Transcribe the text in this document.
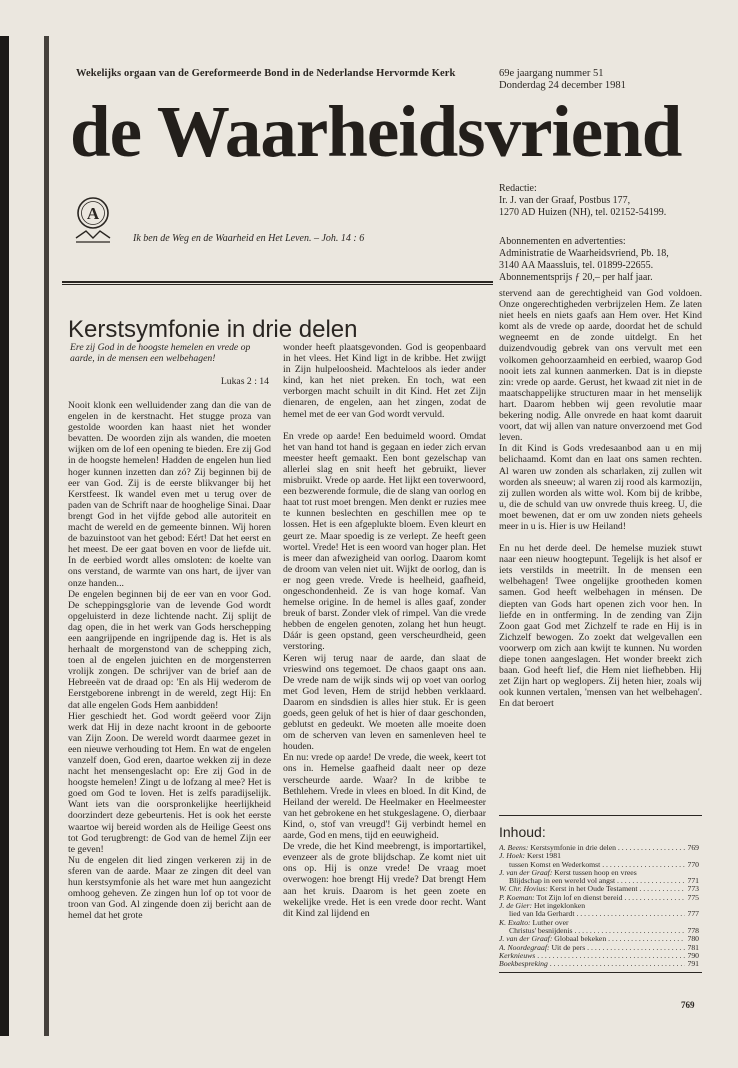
Wekelijks orgaan van de Gereformeerde Bond in de Nederlandse Hervormde Kerk	69e jaargang nummer 51
Donderdag 24 december 1981
de Waarheidsvriend
A
Ik ben de Weg en de Waarheid en Het Leven. – Joh. 14 : 6
Redactie:
Ir. J. van der Graaf, Postbus 177,
1270 AD Huizen (NH), tel. 02152-54199.
Abonnementen en advertenties:
Administratie de Waarheidsvriend, Pb. 18,
3140 AA Maassluis, tel. 01899-22655.
Abonnementsprijs ƒ 20,– per half jaar.
Kerstsymfonie in drie delen
Ere zij God in de hoogste hemelen en vrede op aarde, in de mensen een welbehagen!
Lukas 2 : 14

Nooit klonk een welluidender zang dan die van de engelen in de kerstnacht. Het stugge proza van gestolde woorden kan haast niet het wonder bevatten. De woorden zijn als wanden, die moeten wijken om de lof een opening te bieden. Ere zij God in de hoogste hemelen! Hadden de engelen hun lied hoger kunnen inzetten dan zó? Zij beginnen bij de eer van God. Zij is de eerste blikvanger bij het Kerstfeest. Ik wandel even met u terug over de paden van de Schrift naar de hooghelige Sinai. Daar brengt God in het vijfde gebod alle autoriteit en macht de wereld en de gemeente binnen. Wij horen de bazuinstoot van het gebod: Eért! Dat het eerst en het meest. De eer gaat boven en voor de liefde uit. In de eerbied wordt alles omsloten: de koelte van ons verstand, de warmte van ons hart, de ijver van onze handen...

De engelen beginnen bij de eer van en voor God. De scheppingsglorie van de levende God wordt opgeluisterd in deze lichtende nacht. Zij splijt de dag open, die in het werk van Gods herschepping een aangrijpende en ingrijpende dag is. Het is als herhaalt de morgenstond van de schepping zich, toen al de engelen juichten en de morgensterren vrolijk zongen. De schrijver van de brief aan de Hebreeën vat de draad op: 'En als Hij wederom de Eerstgeborene inbrengt in de wereld, zegt Hij: En dat alle engelen Gods Hem aanbidden!

Hier geschiedt het. God wordt geëerd voor Zijn werk dat Hij in deze nacht kroont in de geboorte van Zijn Zoon. De wereld wordt daarmee gezet in een nieuwe verhouding tot Hem. En wat de engelen vanzelf doen, God eren, daartoe wekken zij in deze nacht het mensengeslacht op: Ere zij God in de hoogste hemelen! Zingt u de lofzang al mee? Het is goed om God te loven. Het is zelfs paradijselijk. Want iets van die oorspronkelijke heerlijkheid doorzindert deze gebeurtenis. Het is ook het eerste waartoe wij bereid worden als de Heilige Geest ons tot God terugbrengt: de God van de hemel Zijn eer te geven!

Nu de engelen dit lied zingen verkeren zij in de sferen van de aarde. Maar ze zingen dit deel van hun kerstsymfonie als het ware met hun aangezicht omhoog geheven. Ze zingen hun lof op tot voor de troon van God. Al zingende doen zij bericht aan de hemel dat het grote

wonder heeft plaatsgevonden. God is geopenbaard in het vlees. Het Kind ligt in de kribbe. Het zwijgt in Zijn hulpeloosheid. Machteloos als ieder ander kind, kan het niet preken. En toch, wat een verborgen macht schuilt in dit Kind. Het zet Zijn dienaren, de engelen, aan het zingen, zodat de hemel met de eer van God wordt vervuld.

En vrede op aarde! Een beduimeld woord. Omdat het van hand tot hand is gegaan en ieder zich ervan meester heeft gemaakt. Een bont gezelschap van allerlei slag en snit heeft het gebruikt, liever misbruikt. Vrede op aarde. Het lijkt een toverwoord, een bezwerende formule, die de slang van oorlog en haat tot rust moet brengen. Men denkt er ruzies mee te kunnen beslechten en geschillen mee op te lossen. Het is een afgeplukte bloem. Even kleurt en geurt ze. Maar spoedig is ze verlept. Ze heeft geen wortel. Vrede! Het is een woord van hoger plan. Het is meer dan afwezigheid van oorlog. Daarom komt de droom van velen niet uit. Wijkt de oorlog, dan is er nog geen vrede. Vrede is heelheid, gaafheid, ongeschondenheid. Ze is van hoge komaf. Van hemelse origine. In de hemel is alles gaaf, zonder breuk of barst. Zonder vlek of rimpel. Van die vrede hebben de engelen genoten, zolang het hun heugt. Dáár is geen opstand, geen verscheurdheid, geen verstoring.

Keren wij terug naar de aarde, dan slaat de vrieswind ons tegemoet. De chaos gaapt ons aan. De vrede nam de wijk sinds wij op voet van oorlog met God leven, Hem de strijd hebben verklaard. Daarom en sindsdien is alles hier stuk. Er is geen goeds, geen geluk of het is hier of daar geschonden, geblutst en gedeukt. We moeten alle moeite doen om de scherven van leven en samenleven heel te houden.

En nu: vrede op aarde! De vrede, die week, keert tot ons in. Hemelse gaafheid daalt neer op deze verscheurde aarde. Waar? In de kribbe te Bethlehem. Vrede in vlees en bloed. In dit Kind, de Heiland der wereld. De Heelmaker en Heelmeester van het gebrokene en het stukgeslagene. O, dierbaar Kind, o, stof van vreugd'! Gij verbindt hemel en aarde, God en mens, tijd en eeuwigheid.

De vrede, die het Kind meebrengt, is importartikel, evenzeer als de grote blijdschap. Ze komt niet uit ons op. Hij is onze vrede! De vraag moet overwogen: hoe brengt Hij vrede? Dat brengt Hem aan het kruis. Daarom is het geen zoete en wekelijke vrede. Het is een vrede door recht. Want dit Kind zal lijdend en

stervend aan de gerechtigheid van God voldoen. Onze ongerechtigheden verbrijzelen Hem. Ze laten niet heels en niets gaafs aan Hem over. Het Kind komt als de vrede op aarde, doordat het de schuld wegneemt en de zonde uitdelgt. En het duizendvoudig gebrek van ons vervult met een volkomen gehoorzaamheid en eerbied, waarop God nooit iets zal kunnen aanmerken. Dat is in diepste zin: vrede op aarde. Gerust, het kwaad zit niet in de maatschappelijke structuren maar in het menselijk hart. Daarom hebben wij geen revolutie maar bekering nodig. Alle onvrede en haat komt daaruit voort, dat wij allen van nature onverzoend met God leven.

In dit Kind is Gods vredesaanbod aan u en mij belichaamd. Komt dan en laat ons samen rechten. Al waren uw zonden als scharlaken, zij zullen wit worden als sneeuw; al waren zij rood als karmozijn, zij zullen worden als witte wol. Kom bij de kribbe, u, die de schuld van uw onvrede thuis kreeg. U, die moet bewenen, dat er om uw zonden niets geheels meer in u is. Hier is uw Heiland!

En nu het derde deel. De hemelse muziek stuwt naar een nieuw hoogtepunt. Tegelijk is het alsof er iets verstilds in meetrilt. In de mensen een welbehagen! Twee ongelijke grootheden komen samen. God heeft welbehagen in ménsen. De diepten van Gods hart openen zich voor hen. In liefde en in ontferming. In de zending van Zijn Zoon gaat God met Zichzelf te rade en Hij is in Zichzelf bewogen. Zo zoekt dat welgevallen een voorwerp om zich aan kwijt te kunnen. Nu worden diepe tonen aangeslagen. Het wonder breekt zich baan. God heeft lief, die Hem niet liefhebben. Hij zet Zijn hart op weglopers. Zij heten hier, zoals wij ook kunnen vertalen, 'mensen van het welbehagen'. En dat beroert

Inhoud:
A. Beens: Kerstsymfonie in drie delen . . .	769
J. Hoek: Kerst 1981
tussen Komst en Wederkomst . . .	770
J. van der Graaf: Kerst tussen hoop en vrees
Blijdschap in een wereld vol angst . . .	771
W. Chr. Hovius: Kerst in het Oude Testament . . .	773
P. Koeman: Tot Zijn lof en dienst bereid . . .	775
J. de Gier: Het ingeklonken
lied van Ida Gerhardt . . .	777
K. Exalto: Luther over
Christus' besnijdenis . . .	778
J. van der Graaf: Globaal bekeken . . .	780
A. Noordegraaf: Uit de pers . . .	781
Kerknieuws . . .	790
Boekbespreking . . .	791
769
